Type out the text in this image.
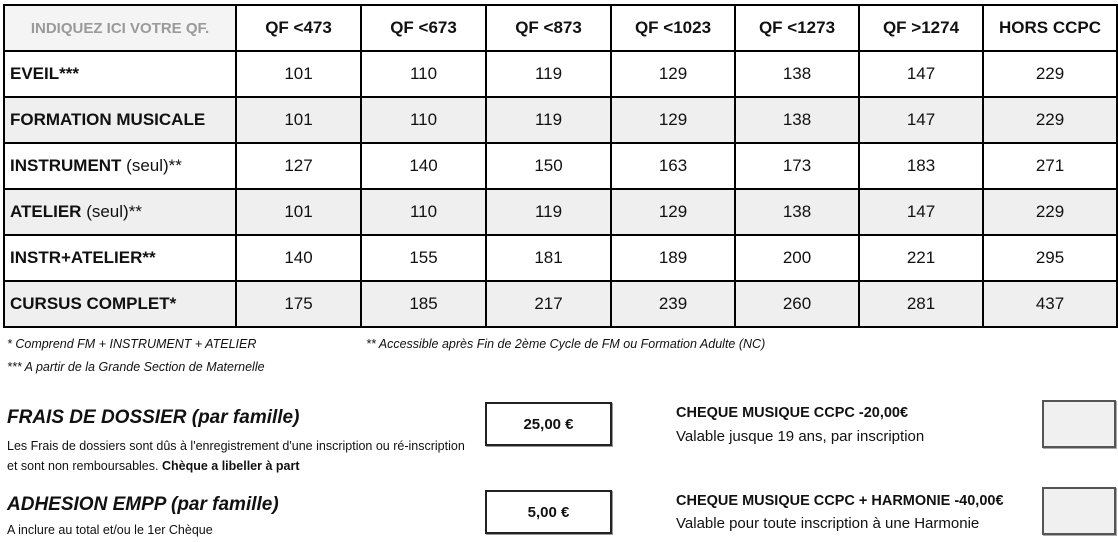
INDIQUEZ ICI VOTRE QF.	QF <473	QF <673	QF <873	QF <1023	QF <1273	QF >1274	HORS CCPC
EVEIL***	101	110	119	129	138	147	229
FORMATION MUSICALE	101	110	119	129	138	147	229
INSTRUMENT (seul)**	127	140	150	163	173	183	271
ATELIER (seul)**	101	110	119	129	138	147	229
INSTR+ATELIER**	140	155	181	189	200	221	295
CURSUS COMPLET*	175	185	217	239	260	281	437
* Comprend FM + INSTRUMENT + ATELIER	** Accessible après Fin de 2ème Cycle de FM ou Formation Adulte (NC)
*** A partir de la Grande Section de Maternelle
FRAIS DE DOSSIER (par famille)
Les Frais de dossiers sont dûs à l'enregistrement d'une inscription ou ré-inscription et sont non remboursables. Chèque a libeller à part
25,00 €
ADHESION EMPP (par famille)
A inclure au total et/ou le 1er Chèque
5,00 €
CHEQUE MUSIQUE CCPC -20,00€
Valable jusque 19 ans, par inscription
CHEQUE MUSIQUE CCPC + HARMONIE -40,00€
Valable pour toute inscription à une Harmonie
